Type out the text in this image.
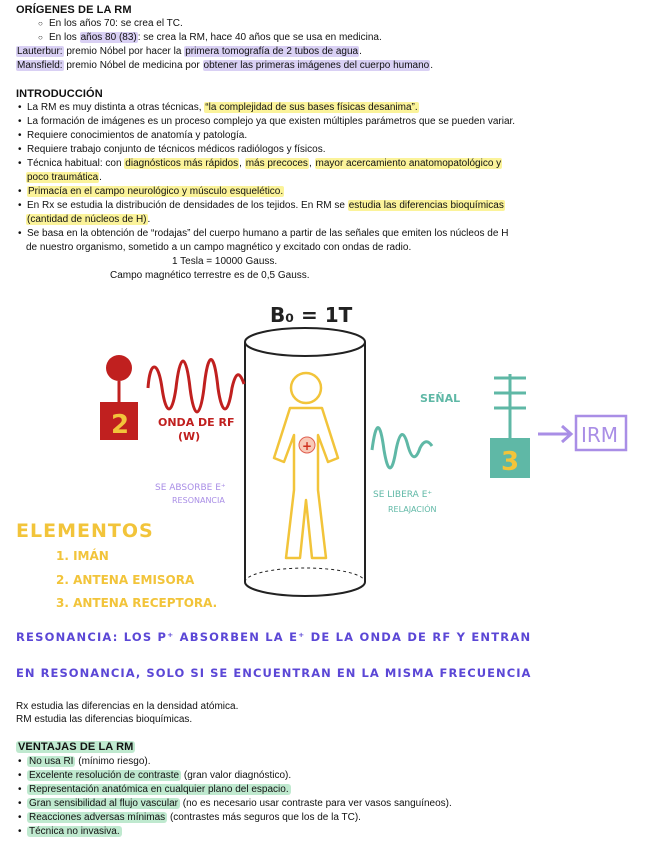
ORÍGENES DE LA RM
○ En los años 70: se crea el TC.
○ En los años 80 (83): se crea la RM, hace 40 años que se usa en medicina.
Lauterbur: premio Nóbel por hacer la primera tomografía de 2 tubos de agua.
Mansfield: premio Nóbel de medicina por obtener las primeras imágenes del cuerpo humano.
INTRODUCCIÓN
• La RM es muy distinta a otras técnicas, “la complejidad de sus bases físicas desanima”.
• La formación de imágenes es un proceso complejo ya que existen múltiples parámetros que se pueden variar.
• Requiere conocimientos de anatomía y patología.
• Requiere trabajo conjunto de técnicos médicos radiólogos y físicos.
• Técnica habitual: con diagnósticos más rápidos, más precoces, mayor acercamiento anatomopatológico y
poco traumática.
• Primacía en el campo neurológico y músculo esquelético.
• En Rx se estudia la distribución de densidades de los tejidos. En RM se estudia las diferencias bioquímicas
(cantidad de núcleos de H).
• Se basa en la obtención de “rodajas” del cuerpo humano a partir de las señales que emiten los núcleos de H
de nuestro organismo, sometido a un campo magnético y excitado con ondas de radio.
1 Tesla = 10000 Gauss.
Campo magnético terrestre es de 0,5 Gauss.
B₀ = 1T
+
2	ONDA DE RF
(W)
SEÑAL
3
IRM
SE ABSORBE E⁺
RESONANCIA
SE LIBERA E⁺
RELAJACIÓN
ELEMENTOS
1. IMÁN
2. ANTENA EMISORA
3. ANTENA RECEPTORA.
RESONANCIA: LOS P⁺ ABSORBEN LA E⁺ DE LA ONDA DE RF Y ENTRAN
EN RESONANCIA, SOLO SI SE ENCUENTRAN EN LA MISMA FRECUENCIA
Rx estudia las diferencias en la densidad atómica.
RM estudia las diferencias bioquímicas.
VENTAJAS DE LA RM
• No usa RI (mínimo riesgo).
• Excelente resolución de contraste (gran valor diagnóstico).
• Representación anatómica en cualquier plano del espacio.
• Gran sensibilidad al flujo vascular (no es necesario usar contraste para ver vasos sanguíneos).
• Reacciones adversas mínimas (contrastes más seguros que los de la TC).
• Técnica no invasiva.
